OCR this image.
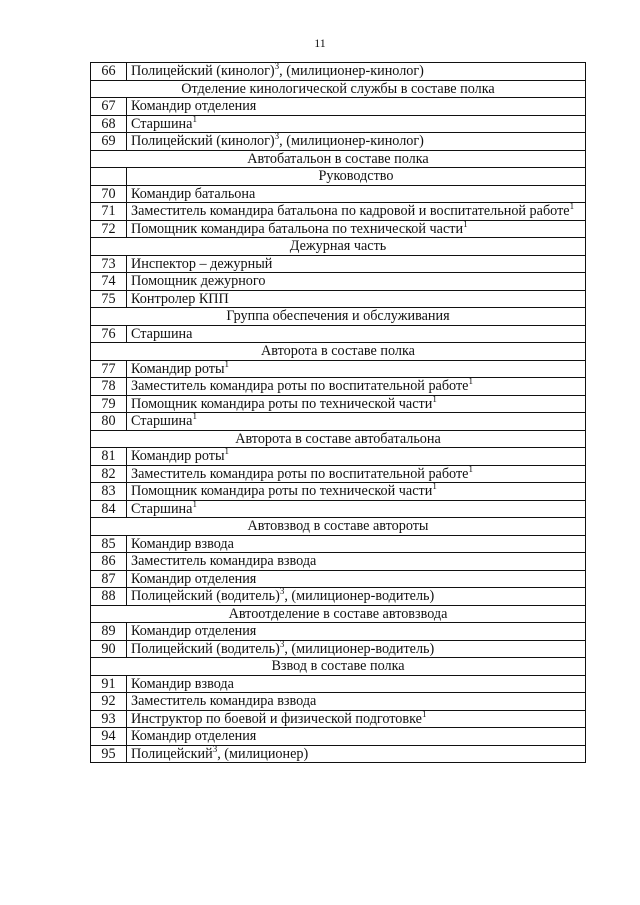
11
66	Полицейский (кинолог)$^3$, (милиционер-кинолог)
Отделение кинологической службы в составе полка	
67	Командир отделения
68	Старшина$^1$
69	Полицейский (кинолог)$^3$, (милиционер-кинолог)
Автобатальон в составе полка	
	Руководство
70	Командир батальона
71	Заместитель командира батальона по кадровой и воспитательной работе$^1$
72	Помощник командира батальона по технической части$^1$
Дежурная часть	
73	Инспектор – дежурный
74	Помощник дежурного
75	Контролер КПП
Группа обеспечения и обслуживания	
76	Старшина
Авторота в составе полка	
77	Командир роты$^1$
78	Заместитель командира роты по воспитательной работе$^1$
79	Помощник командира роты по технической части$^1$
80	Старшина$^1$
Авторота в составе автобатальона	
81	Командир роты$^1$
82	Заместитель командира роты по воспитательной работе$^1$
83	Помощник командира роты по технической части$^1$
84	Старшина$^1$
Автовзвод в составе автороты	
85	Командир взвода
86	Заместитель командира взвода
87	Командир отделения
88	Полицейский (водитель)$^3$, (милиционер-водитель)
Автоотделение в составе автовзвода	
89	Командир отделения
90	Полицейский (водитель)$^3$, (милиционер-водитель)
Взвод в составе полка	
91	Командир взвода
92	Заместитель командира взвода
93	Инструктор по боевой и физической подготовке$^1$
94	Командир отделения
95	Полицейский$^3$, (милиционер)
